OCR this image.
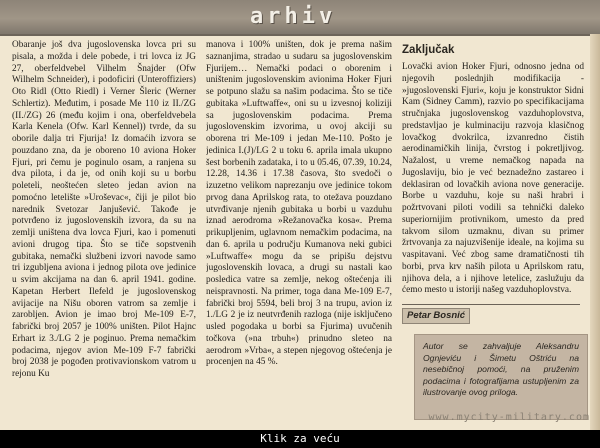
arhiv

Obaranje još dva jugoslovenska lovca pri su pisala, a možda i dele pobede, i tri lovca iz JG 27, oberfeldvebel Vilhelm Šnajder (Ofw Wilhelm Schneider), i podoficiri (Unteroffiziers) Oto Ridl (Otto Riedl) i Verner Šleric (Werner Schlertiz). Međutim, i posade Me 110 iz II./ZG (II./ZG) 26 (među kojim i ona, oberfeldvebela Karla Kenela (Ofw. Karl Kennel)) tvrde, da su oborile dalja tri Fjurija! Iz domaćih izvora se pouzdano zna, da je oboreno 10 aviona Hoker Fjuri, pri čemu je poginulo osam, a ranjena su dva pilota, i da je, od onih koji su u borbu poleteli, neoštećen sleteo jedan avion na pomoćno letelište »Uroševac«, čiji je pilot bio narednik Svetozar Janjušević. Takođe je potvrđeno iz jugoslovenskih izvora, da su na zemlji uništena dva lovca Fjuri, kao i pomenuti avioni drugog tipa. Što se tiče sopstvenih gubitaka, nemački službeni izvori navode samo tri izgubljena aviona i jednog pilota ove jedinice u svim akcijama na dan 6. april 1941. godine. Kapetan Herbert Ilefeld je jugoslovenskog avijacije na Nišu oboren vatrom sa zemlje i zarobljen. Avion je imao broj Me-109 E-7, fabrički broj 2057 je 100% uništen. Pilot Hajnc Erhart iz 3./LG 2 je poginuo. Prema nemačkim podacima, njegov avion Me-109 F-7 fabrički broj 2038 je pogođen protivavionskom vatrom u rejonu Ku

manova i 100% uništen, dok je prema našim saznanjima, stradao u sudaru sa jugoslovenskim Fjurijem… Nemački podaci o oborenim i uništenim jugoslovenskim avionima Hoker Fjuri se potpuno slažu sa našim podacima. Što se tiče gubitaka »Luftwaffe«, oni su u izvesnoj koliziji sa jugoslovenskim podacima. Prema jugoslovenskim izvorima, u ovoj akciji su oborena tri Me-109 i jedan Me-110. Pošto je jedinica I.(J)/LG 2 u toku 6. aprila imala ukupno šest borbenih zadataka, i to u 05.46, 07.39, 10.24, 12.28, 14.36 i 17.38 časova, što svedoči o izuzetno velikom naprezanju ove jedinice tokom prvog dana Aprilskog rata, to otežava pouzdano utvrđivanje njenih gubitaka u borbi u vazduhu iznad aerodroma »Režanovačka kosa«. Prema prikupljenim, uglavnom nemačkim podacima, na dan 6. aprila u području Kumanova neki gubici »Luftwaffe« mogu da se pripišu dejstvu jugoslovenskih lovaca, a drugi su nastali kao posledica vatre sa zemlje, nekog oštećenja ili neispravnosti. Na primer, toga dana Me-109 E-7, fabrički broj 5594, beli broj 3 na trupu, avion iz 1./LG 2 je iz neutvrđenih razloga (nije isključeno usled pogodaka u borbi sa Fjurima) uvučenih točkova (»na trbuh«) prinudno sleteo na aerodrom »Vrba«, a stepen njegovog oštećenja je procenjen na 45 %.

Zaključak

Lovački avion Hoker Fjuri, odnosno jedna od njegovih poslednjih modifikacija - »jugoslovenski Fjuri«, koju je konstruktor Sidni Kam (Sidney Camm), razvio po specifikacijama stručnjaka jugoslovenskog vazduhoplovstva, predstavljao je kulminaciju razvoja klasičnog lovačkog dvokrilca, izvanredno čistih aerodinamičkih linija, čvrstog i pokretljivog. Nažalost, u vreme nemačkog napada na Jugoslaviju, bio je već beznadežno zastareo i deklasiran od lovačkih aviona nove generacije. Borbe u vazduhu, koje su naši hrabri i požrtvovani piloti vodili sa tehnički daleko superiornijim protivnikom, umesto da pred takvom silom uzmaknu, divan su primer žrtvovanja za najuzvišenije ideale, na kojima su vaspitavani. Već zbog same dramatičnosti tih borbi, prva krv naših pilota u Aprilskom ratu, njihova dela, a i njihove letelice, zaslužuju da ćemo mesto u istoriji našeg vazduhoplovstva.

Petar Bosnić
Autor se zahvaljuje Aleksandru Ognjeviću i Šimetu Oštriću na nesebičnoj pomoći, na pruženim podacima i fotografijama ustupljenim za ilustrovanje ovog priloga.
www.mycity-military.com
Klik za veću
